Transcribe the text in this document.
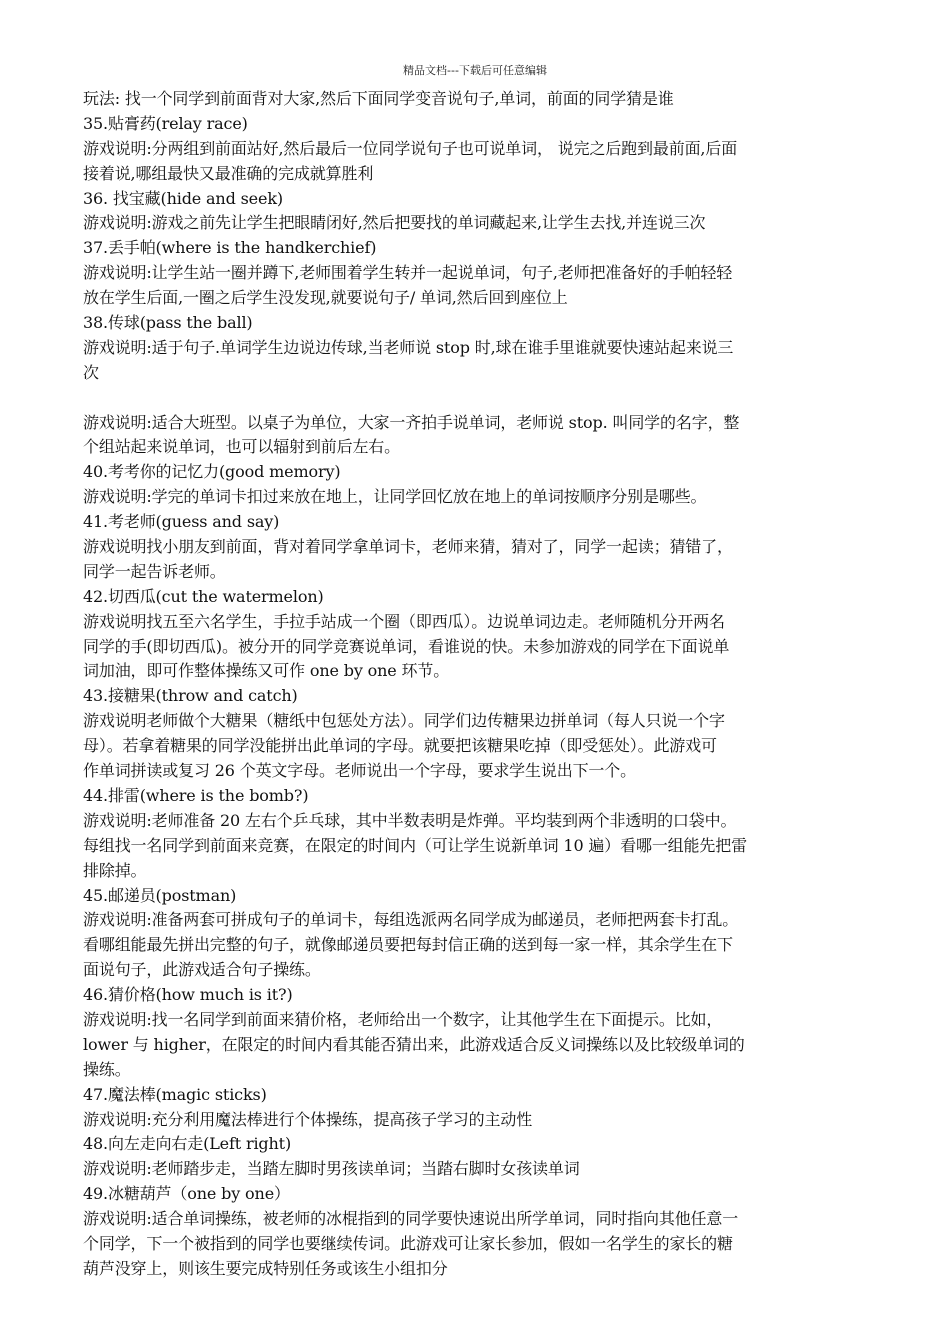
精品文档---下载后可任意编辑
玩法: 找一个同学到前面背对大家,然后下面同学变音说句子,单词，前面的同学猜是谁
35.贴膏药(relay race)
游戏说明:分两组到前面站好,然后最后一位同学说句子也可说单词， 说完之后跑到最前面,后面
接着说,哪组最快又最准确的完成就算胜利
36. 找宝藏(hide and seek)
游戏说明:游戏之前先让学生把眼睛闭好,然后把要找的单词藏起来,让学生去找,并连说三次
37.丢手帕(where is the handkerchief)
游戏说明:让学生站一圈并蹲下,老师围着学生转并一起说单词，句子,老师把准备好的手帕轻轻
放在学生后面,一圈之后学生没发现,就要说句子/ 单词,然后回到座位上
38.传球(pass the ball)
游戏说明:适于句子.单词学生边说边传球,当老师说 stop 时,球在谁手里谁就要快速站起来说三
次
游戏说明:适合大班型。以桌子为单位，大家一齐拍手说单词，老师说 stop. 叫同学的名字，整
个组站起来说单词，也可以辐射到前后左右。
40.考考你的记忆力(good memory)
游戏说明:学完的单词卡扣过来放在地上，让同学回忆放在地上的单词按顺序分别是哪些。
41.考老师(guess and say)
游戏说明找小朋友到前面，背对着同学拿单词卡，老师来猜，猜对了，同学一起读；猜错了，
同学一起告诉老师。
42.切西瓜(cut the watermelon)
游戏说明找五至六名学生，手拉手站成一个圈（即西瓜）。边说单词边走。老师随机分开两名
同学的手(即切西瓜)。被分开的同学竞赛说单词，看谁说的快。未参加游戏的同学在下面说单
词加油，即可作整体操练又可作 one by one 环节。
43.接糖果(throw and catch)
游戏说明老师做个大糖果（糖纸中包惩处方法）。同学们边传糖果边拼单词（每人只说一个字
母）。若拿着糖果的同学没能拼出此单词的字母。就要把该糖果吃掉（即受惩处）。此游戏可
作单词拼读或复习 26 个英文字母。老师说出一个字母，要求学生说出下一个。
44.排雷(where is the bomb?)
游戏说明:老师准备 20 左右个乒乓球，其中半数表明是炸弹。平均装到两个非透明的口袋中。
每组找一名同学到前面来竞赛，在限定的时间内（可让学生说新单词 10 遍）看哪一组能先把雷
排除掉。
45.邮递员(postman)
游戏说明:准备两套可拼成句子的单词卡，每组选派两名同学成为邮递员，老师把两套卡打乱。
看哪组能最先拼出完整的句子，就像邮递员要把每封信正确的送到每一家一样，其余学生在下
面说句子，此游戏适合句子操练。
46.猜价格(how much is it?)
游戏说明:找一名同学到前面来猜价格，老师给出一个数字，让其他学生在下面提示。比如，
lower 与 higher，在限定的时间内看其能否猜出来，此游戏适合反义词操练以及比较级单词的
操练。
47.魔法棒(magic sticks)
游戏说明:充分利用魔法棒进行个体操练，提高孩子学习的主动性
48.向左走向右走(Left right)
游戏说明:老师踏步走，当踏左脚时男孩读单词；当踏右脚时女孩读单词
49.冰糖葫芦（one by one）
游戏说明:适合单词操练，被老师的冰棍指到的同学要快速说出所学单词，同时指向其他任意一
个同学，下一个被指到的同学也要继续传词。此游戏可让家长参加，假如一名学生的家长的糖
葫芦没穿上，则该生要完成特别任务或该生小组扣分
